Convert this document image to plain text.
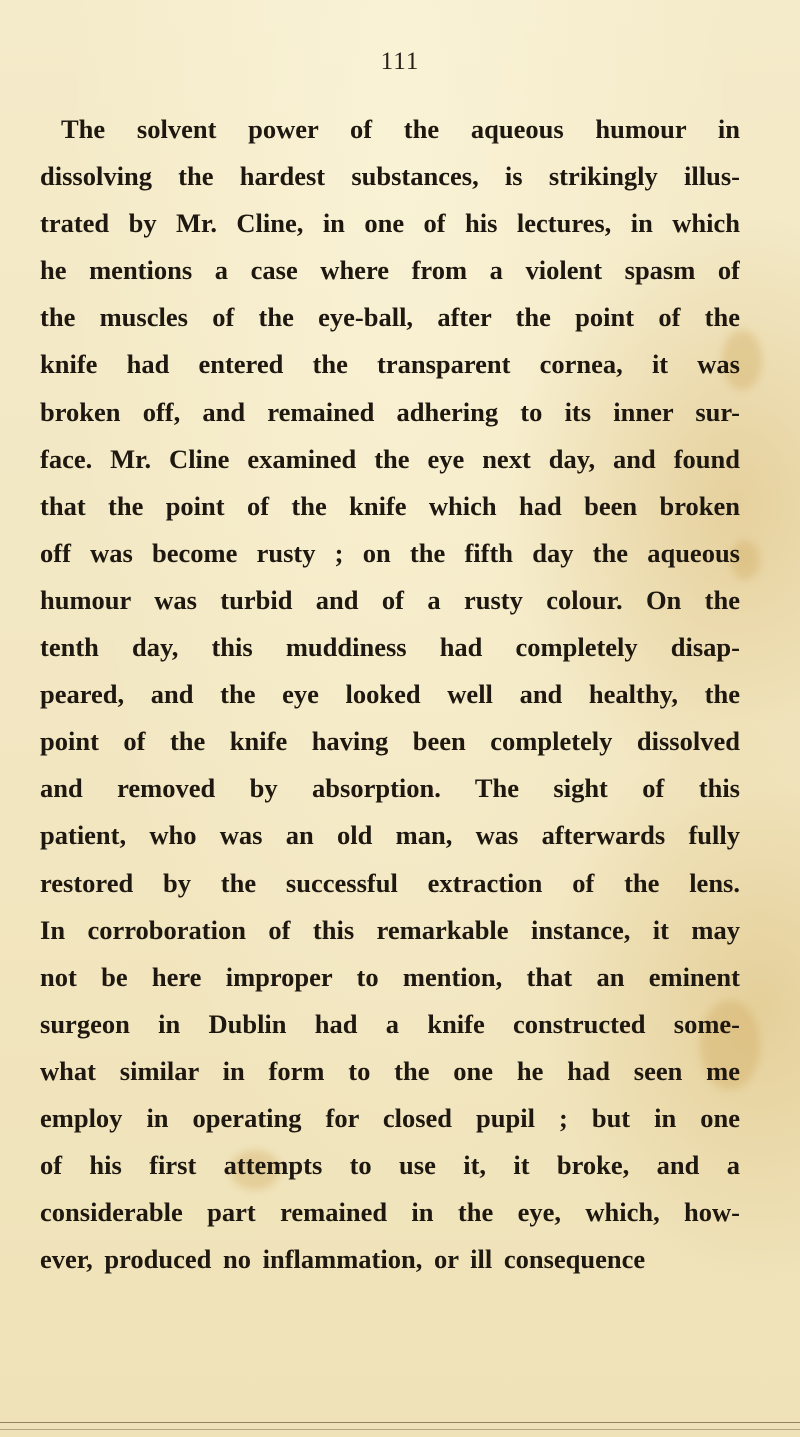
111
The solvent power of the aqueous humour in
dissolving the hardest substances, is strikingly illus-
trated by Mr. Cline, in one of his lectures, in which
he mentions a case where from a violent spasm of
the muscles of the eye-ball, after the point of the
knife had entered the transparent cornea, it was
broken off, and remained adhering to its inner sur-
face. Mr. Cline examined the eye next day, and found
that the point of the knife which had been broken
off was become rusty ; on the fifth day the aqueous
humour was turbid and of a rusty colour. On the
tenth day, this muddiness had completely disap-
peared, and the eye looked well and healthy, the
point of the knife having been completely dissolved
and removed by absorption. The sight of this
patient, who was an old man, was afterwards fully
restored by the successful extraction of the lens.
In corroboration of this remarkable instance, it may
not be here improper to mention, that an eminent
surgeon in Dublin had a knife constructed some-
what similar in form to the one he had seen me
employ in operating for closed pupil ; but in one
of his first attempts to use it, it broke, and a
considerable part remained in the eye, which, how-
ever, produced no inflammation, or ill consequence
